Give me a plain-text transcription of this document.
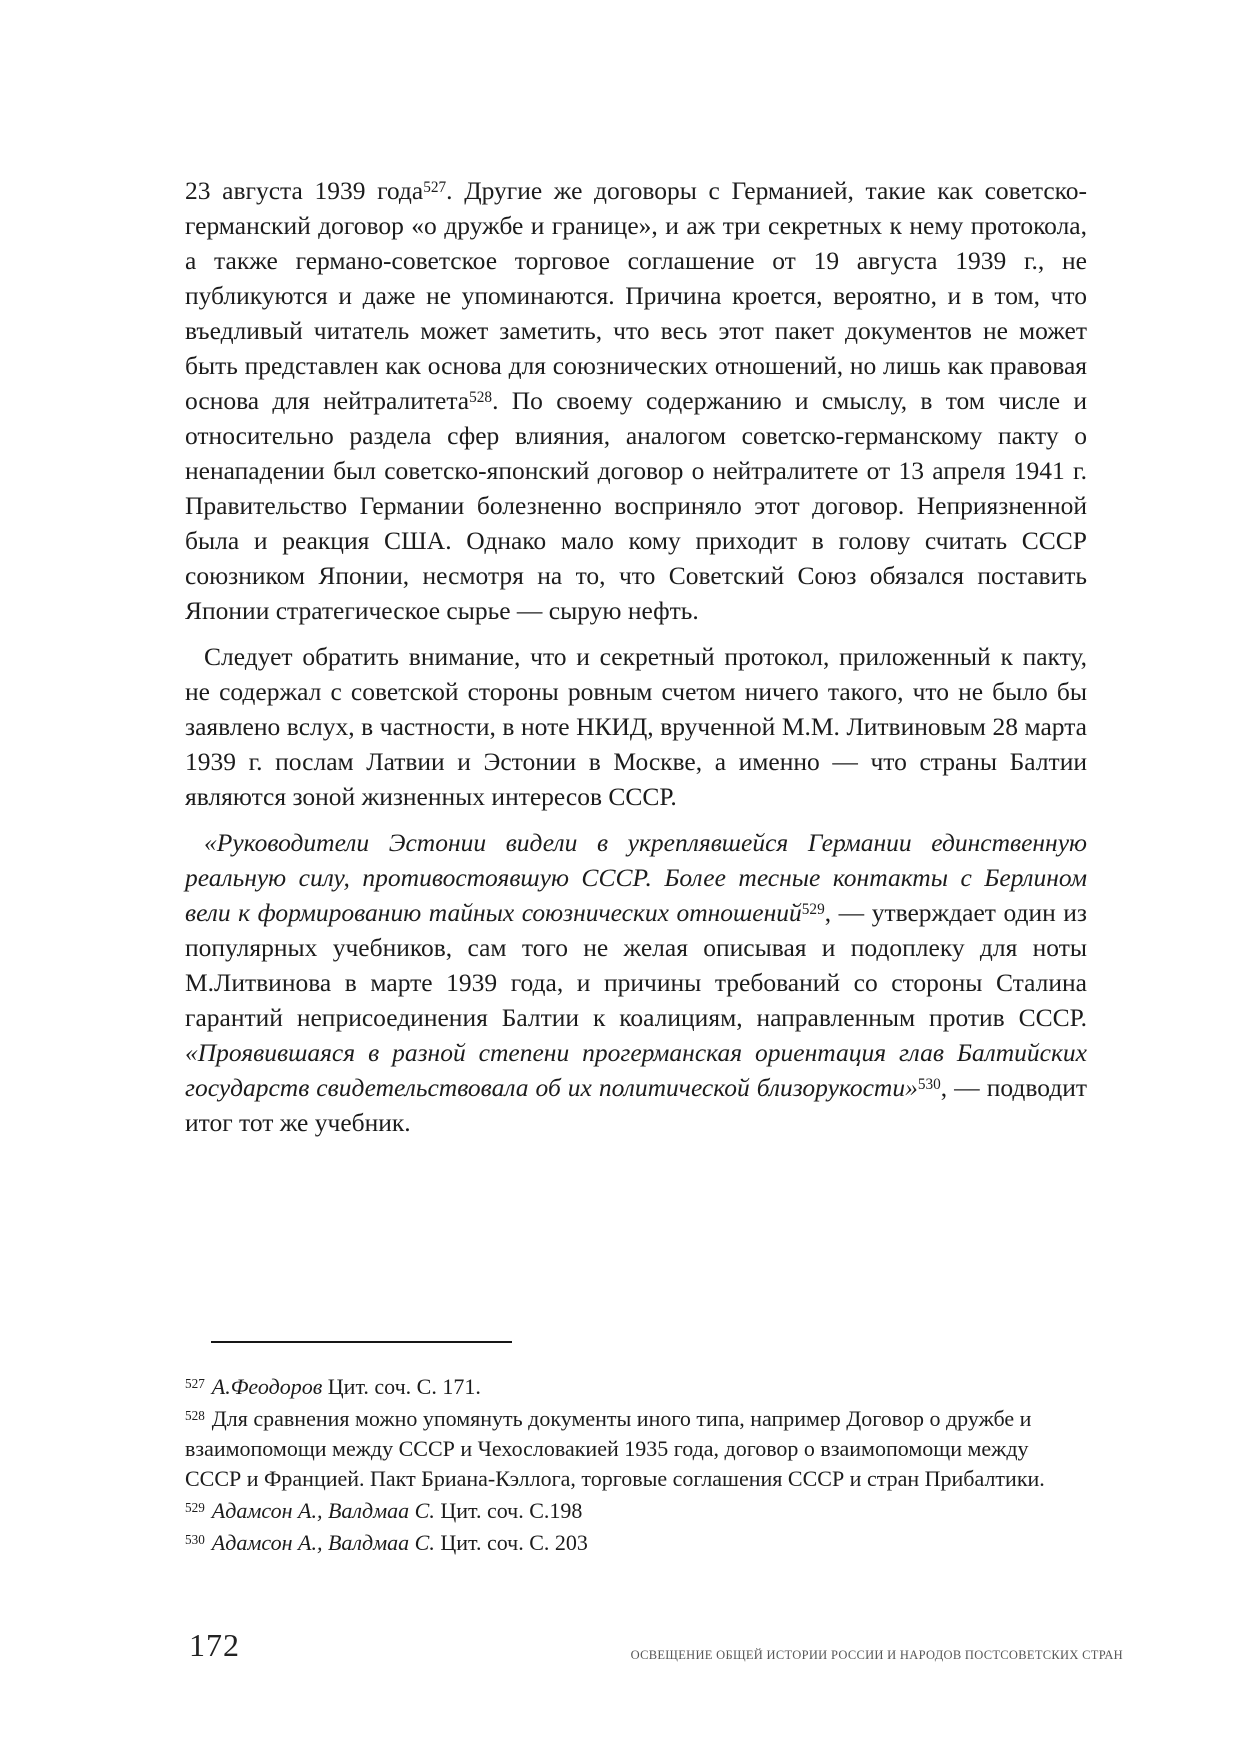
23 августа 1939 года$^{527}$. Другие же договоры с Германией, такие как советско-германский договор «о дружбе и границе», и аж три секретных к нему протокола, а также германо-советское торговое соглашение от 19 августа 1939 г., не публикуются и даже не упоминаются. Причина кроется, вероятно, и в том, что въедливый читатель может заметить, что весь этот пакет документов не может быть представлен как основа для союзнических отношений, но лишь как правовая основа для нейтралитета$^{528}$. По своему содержанию и смыслу, в том числе и относительно раздела сфер влияния, аналогом советско-германскому пакту о ненападении был советско-японский договор о нейтралитете от 13 апреля 1941 г. Правительство Германии болезненно восприняло этот договор. Неприязненной была и реакция США. Однако мало кому приходит в голову считать СССР союзником Японии, несмотря на то, что Советский Союз обязался поставить Японии стратегическое сырье — сырую нефть.

Следует обратить внимание, что и секретный протокол, приложенный к пакту, не содержал с советской стороны ровным счетом ничего такого, что не было бы заявлено вслух, в частности, в ноте НКИД, врученной М.М. Литвиновым 28 марта 1939 г. послам Латвии и Эстонии в Москве, а именно — что страны Балтии являются зоной жизненных интересов СССР.

«Руководители Эстонии видели в укреплявшейся Германии единственную реальную силу, противостоявшую СССР. Более тесные контакты с Берлином вели к формированию тайных союзнических отношений$^{529}$, — утверждает один из популярных учебников, сам того не желая описывая и подоплеку для ноты М.Литвинова в марте 1939 года, и причины требований со стороны Сталина гарантий неприсоединения Балтии к коалициям, направленным против СССР. «Проявившаяся в разной степени прогерманская ориентация глав Балтийских государств свидетельствовала об их политической близорукости»$^{530}$, — подводит итог тот же учебник.

$^{527}$ А.Феодоров Цит. соч. С. 171.

$^{528}$ Для сравнения можно упомянуть документы иного типа, например Договор о дружбе и взаимопомощи между СССР и Чехословакией 1935 года, договор о взаимопомощи между СССР и Францией. Пакт Бриана-Кэллога, торговые соглашения СССР и стран Прибалтики.

$^{529}$ Адамсон А., Валдмаа С. Цит. соч. С.198

$^{530}$ Адамсон А., Валдмаа С. Цит. соч. С. 203

172	ОСВЕЩЕНИЕ ОБЩЕЙ ИСТОРИИ РОССИИ И НАРОДОВ ПОСТСОВЕТСКИХ СТРАН
